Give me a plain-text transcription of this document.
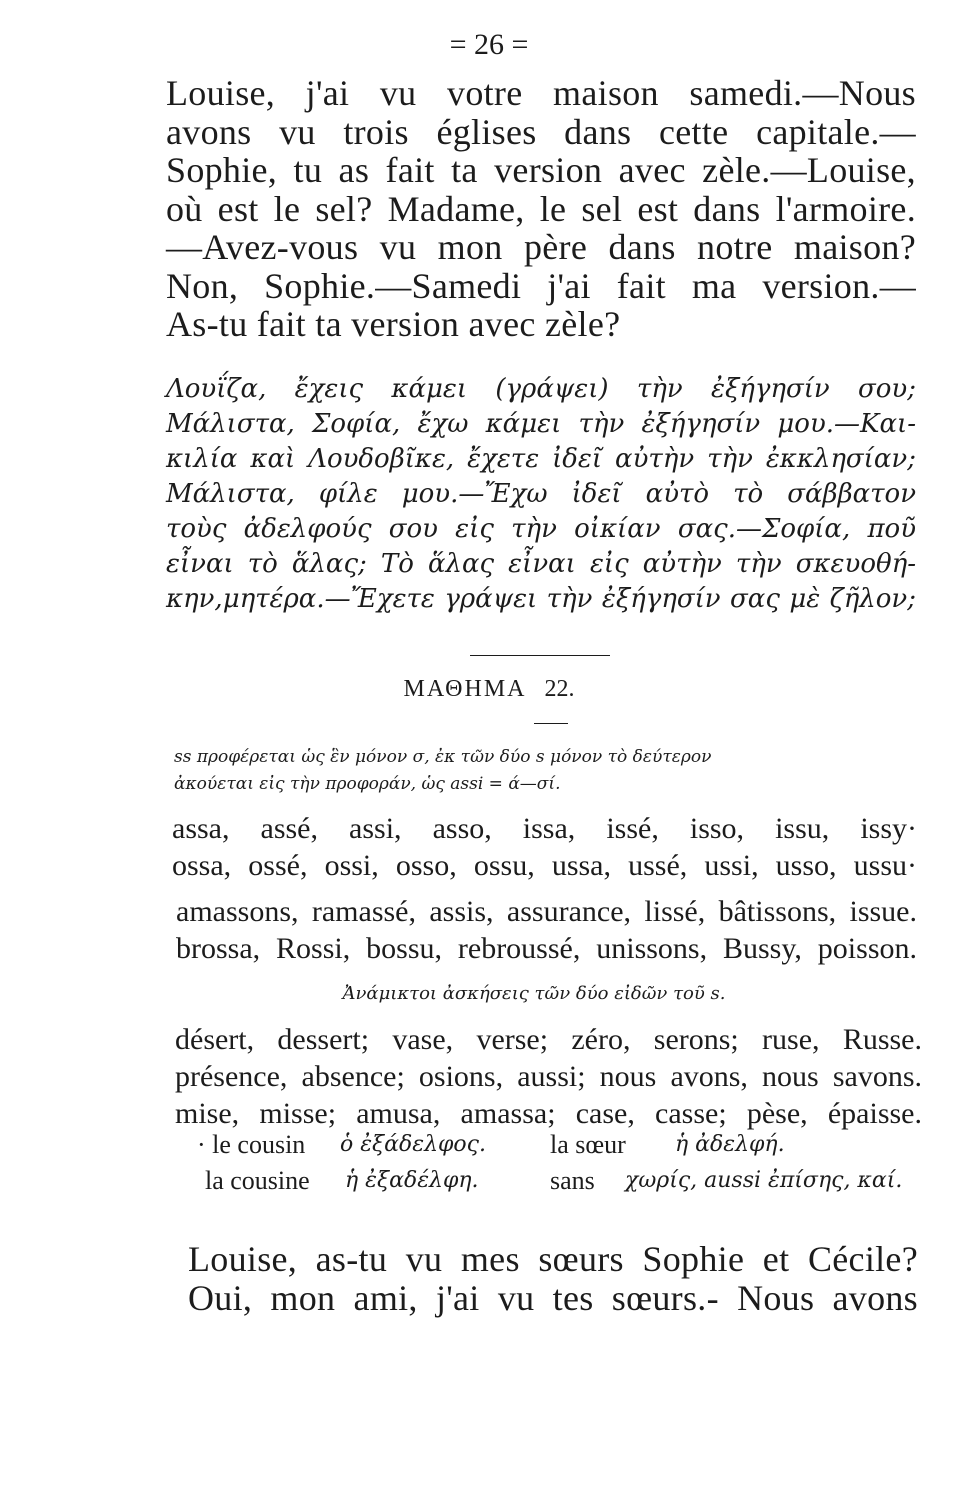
= 26 =
Louise, j'ai vu votre maison samedi.—Nous
avons vu trois églises dans cette capitale.—
Sophie, tu as fait ta version avec zèle.—Louise,
où est le sel? Madame, le sel est dans l'armoire.
—Avez-vous vu mon père dans notre maison?
Non, Sophie.—Samedi j'ai fait ma version.—
As-tu fait ta version avec zèle?
Λουΐζα, ἔχεις κάμει (γράψει) τὴν ἐξήγησίν σου;
Μάλιστα, Σοφία, ἔχω κάμει τὴν ἐξήγησίν μου.—Και-
κιλία καὶ Λουδοβῖκε, ἔχετε ἰδεῖ αὐτὴν τὴν ἐκκλησίαν;
Μάλιστα, φίλε μου.—Ἔχω ἰδεῖ αὐτὸ τὸ σάββατον
τοὺς ἀδελφούς σου εἰς τὴν οἰκίαν σας.—Σοφία, ποῦ
εἶναι τὸ ἅλας; Τὸ ἅλας εἶναι εἰς αὐτὴν τὴν σκευοθή-
κην,μητέρα.—Ἔχετε γράψει τὴν ἐξήγησίν σας μὲ ζῆλον;
ΜΑΘΗΜΑ 22.
ss προφέρεται ὡς ἓν μόνον σ, ἐκ τῶν δύο s μόνον τὸ δεύτερον
ἀκούεται εἰς τὴν προφοράν, ὡς assi = ά—σί.
assa, assé, assi, asso, issa, issé, isso, issu, issy·
ossa, ossé, ossi, osso, ossu, ussa, ussé, ussi, usso, ussu·
amassons, ramassé, assis, assurance, lissé, bâtissons, issue.
brossa, Rossi, bossu, rebroussé, unissons, Bussy, poisson.
Ἀνάμικτοι ἀσκήσεις τῶν δύο εἰδῶν τοῦ s.
désert, dessert; vase, verse; zéro, serons; ruse, Russe.
présence, absence; osions, aussi; nous avons, nous savons.
mise, misse; amusa, amassa; case, casse; pèse, épaisse.
· le cousin ὁ ἐξάδελφος. la sœur ἡ ἀδελφή.
la cousine ἡ ἐξαδέλφη.	sans χωρίς, aussi ἐπίσης, καί.
Louise, as-tu vu mes sœurs Sophie et Cécile?
Oui, mon ami, j'ai vu tes sœurs.- Nous avons
